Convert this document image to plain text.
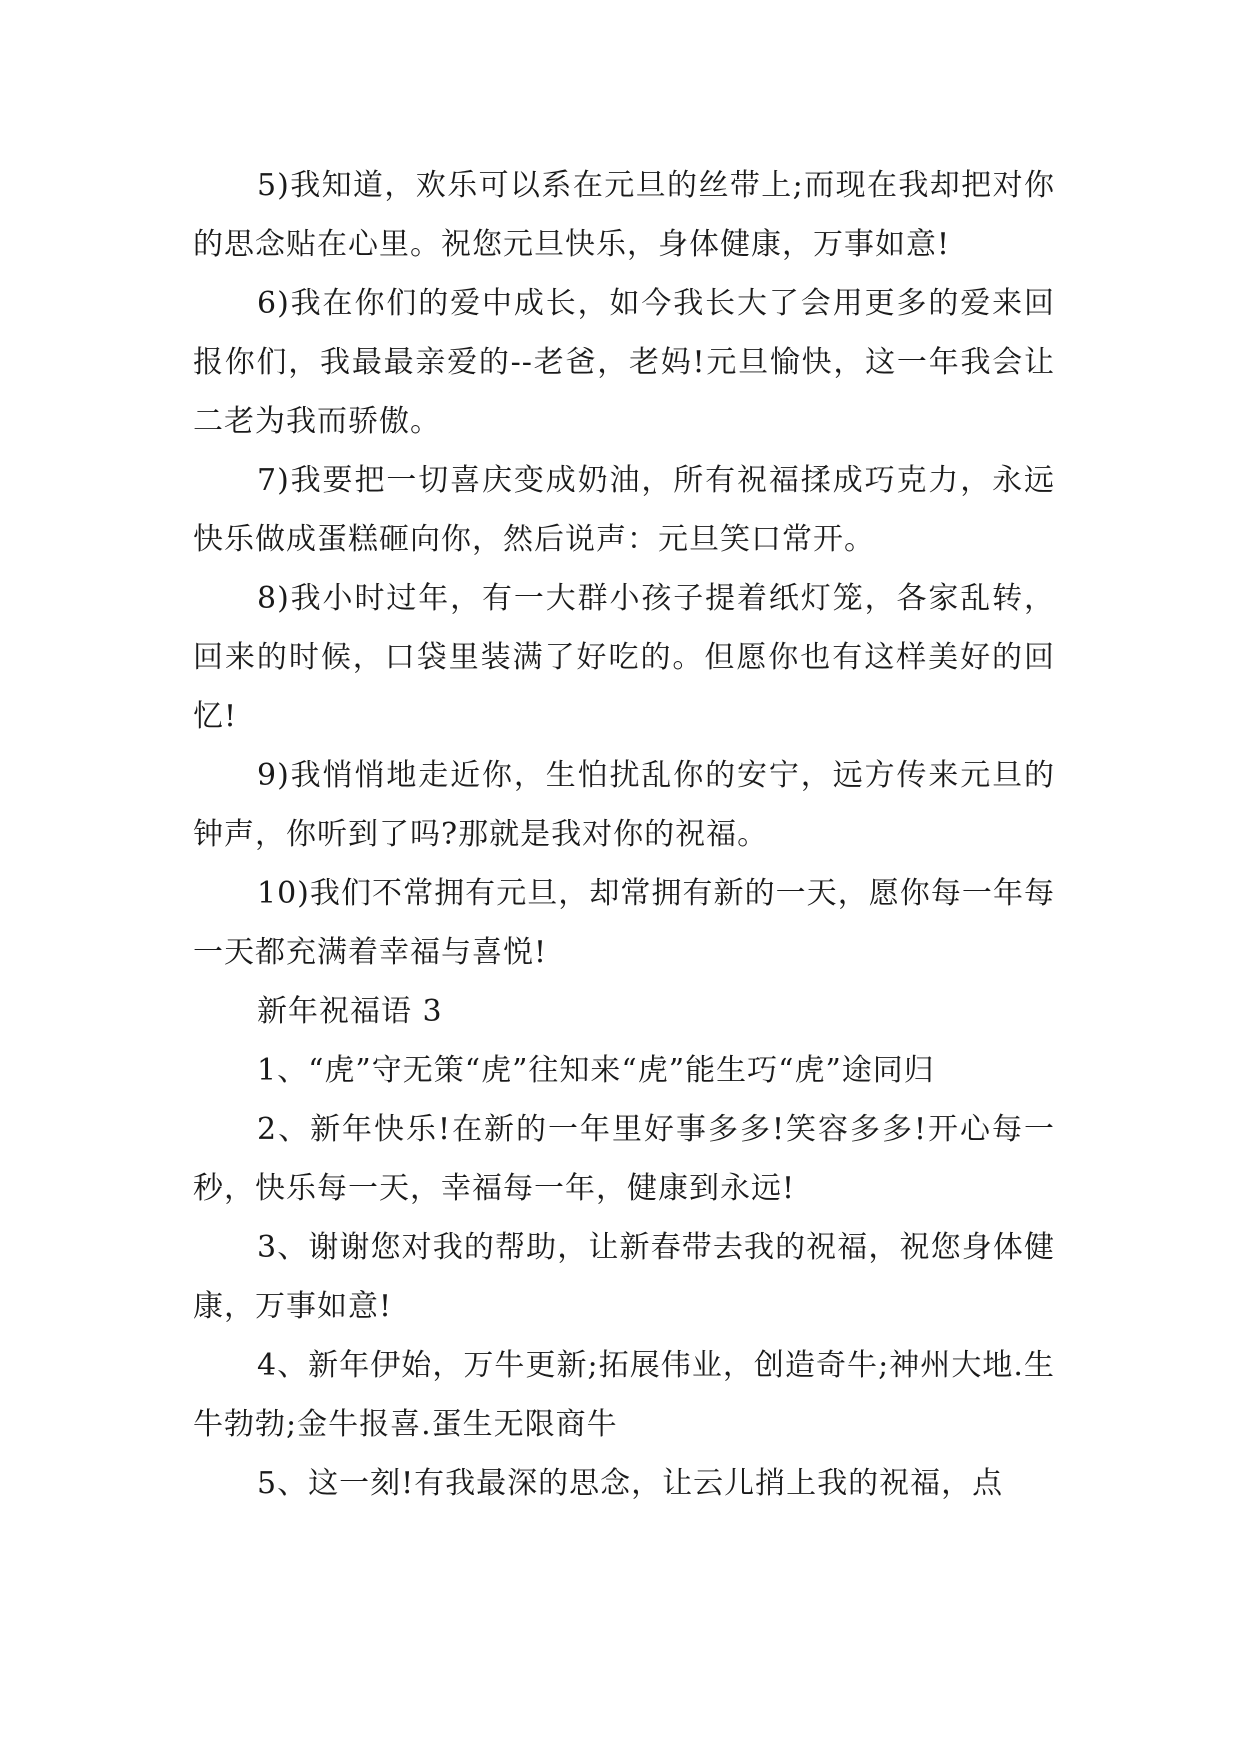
5)我知道，欢乐可以系在元旦的丝带上;而现在我却把对你的思念贴在心里。祝您元旦快乐，身体健康，万事如意!

6)我在你们的爱中成长，如今我长大了会用更多的爱来回报你们，我最最亲爱的--老爸，老妈!元旦愉快，这一年我会让二老为我而骄傲。

7)我要把一切喜庆变成奶油，所有祝福揉成巧克力，永远快乐做成蛋糕砸向你，然后说声：元旦笑口常开。

8)我小时过年，有一大群小孩子提着纸灯笼，各家乱转，回来的时候，口袋里装满了好吃的。但愿你也有这样美好的回忆!

9)我悄悄地走近你，生怕扰乱你的安宁，远方传来元旦的钟声，你听到了吗?那就是我对你的祝福。

10)我们不常拥有元旦，却常拥有新的一天，愿你每一年每一天都充满着幸福与喜悦!

新年祝福语 3

1、“虎”守无策“虎”往知来“虎”能生巧“虎”途同归

2、新年快乐!在新的一年里好事多多!笑容多多!开心每一秒，快乐每一天，幸福每一年，健康到永远!

3、谢谢您对我的帮助，让新春带去我的祝福，祝您身体健康，万事如意!

4、新年伊始，万牛更新;拓展伟业，创造奇牛;神州大地.生牛勃勃;金牛报喜.蛋生无限商牛

5、这一刻!有我最深的思念，让云儿捎上我的祝福，点
